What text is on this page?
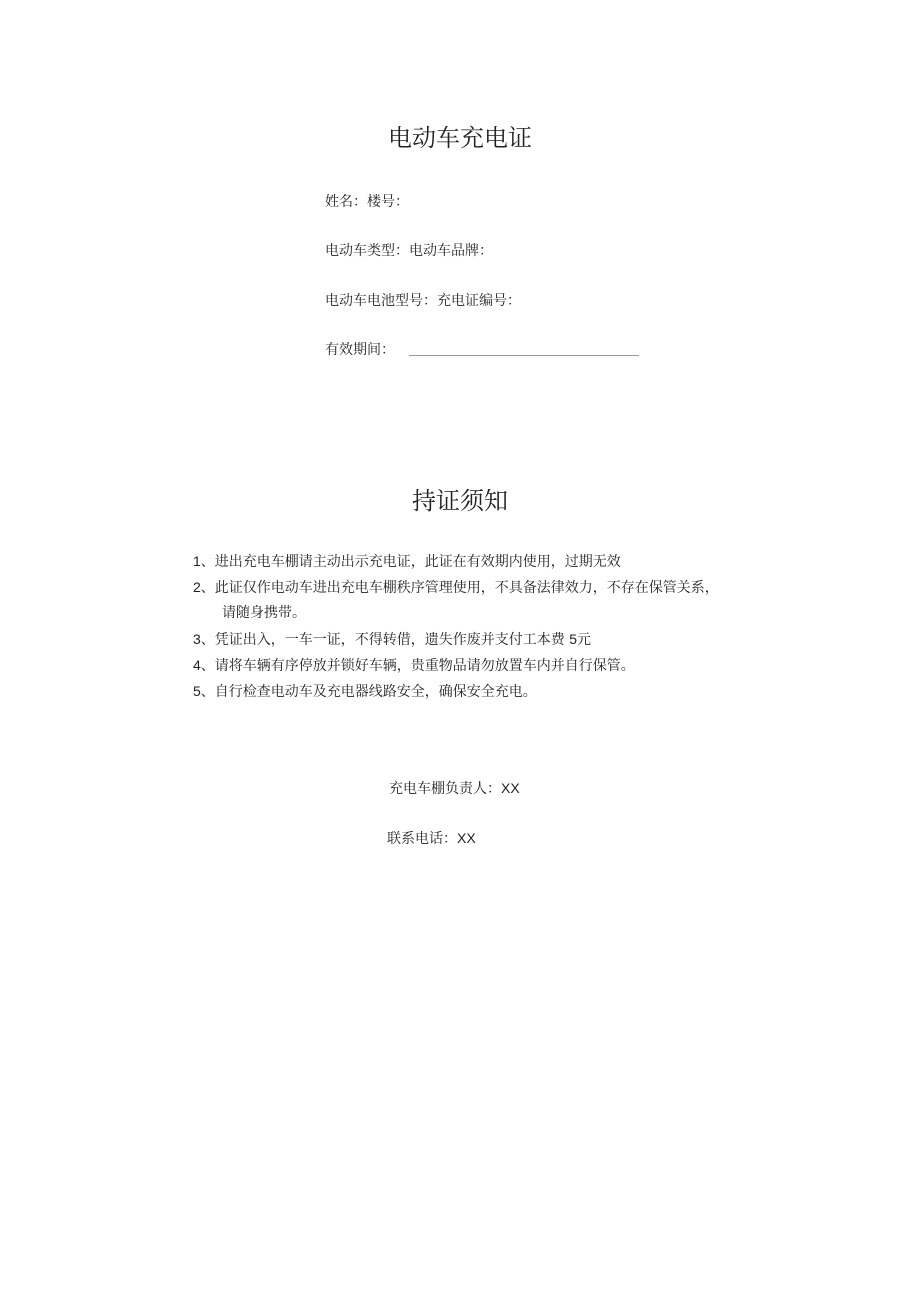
电动车充电证
姓名：楼号：
电动车类型：电动车品牌：
电动车电池型号：充电证编号：
有效期间：
持证须知
1、进出充电车棚请主动出示充电证，此证在有效期内使用，过期无效
2、此证仅作电动车进出充电车棚秩序管理使用，不具备法律效力，不存在保管关系，
请随身携带。
3、凭证出入，一车一证，不得转借，遗失作废并支付工本费 5元
4、请将车辆有序停放并锁好车辆，贵重物品请勿放置车内并自行保管。
5、自行检查电动车及充电器线路安全，确保安全充电。
充电车棚负责人：XX
联系电话：XX
